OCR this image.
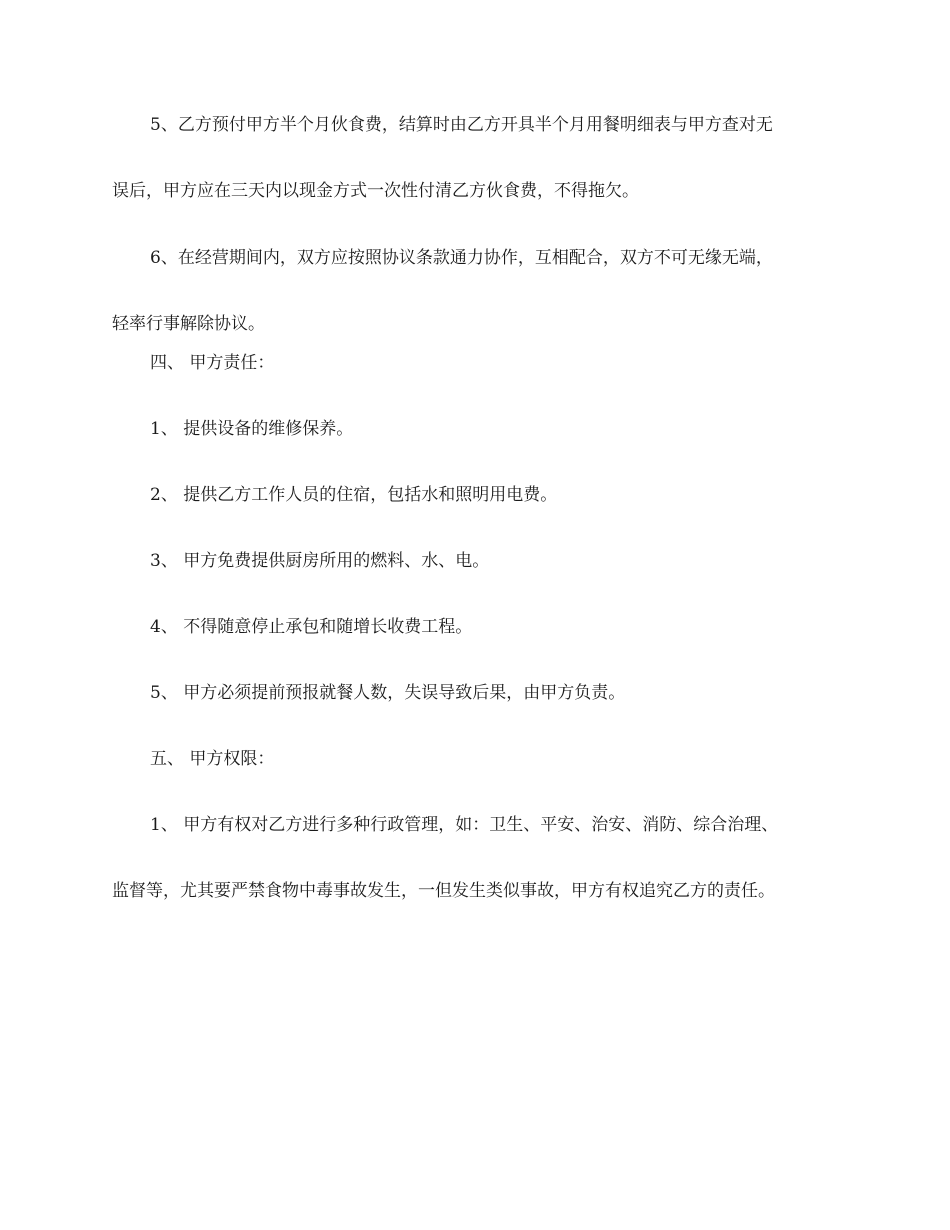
5、乙方预付甲方半个月伙食费，结算时由乙方开具半个月用餐明细表与甲方查对无
误后，甲方应在三天内以现金方式一次性付清乙方伙食费，不得拖欠。

6、在经营期间内，双方应按照协议条款通力协作，互相配合，双方不可无缘无端，
轻率行事解除协议。

四、 甲方责任：

1、 提供设备的维修保养。

2、 提供乙方工作人员的住宿，包括水和照明用电费。

3、 甲方免费提供厨房所用的燃料、水、电。

4、 不得随意停止承包和随增长收费工程。

5、 甲方必须提前预报就餐人数，失误导致后果，由甲方负责。

五、 甲方权限：

1、 甲方有权对乙方进行多种行政管理，如：卫生、平安、治安、消防、综合治理、
监督等，尤其要严禁食物中毒事故发生，一但发生类似事故，甲方有权追究乙方的责任。
